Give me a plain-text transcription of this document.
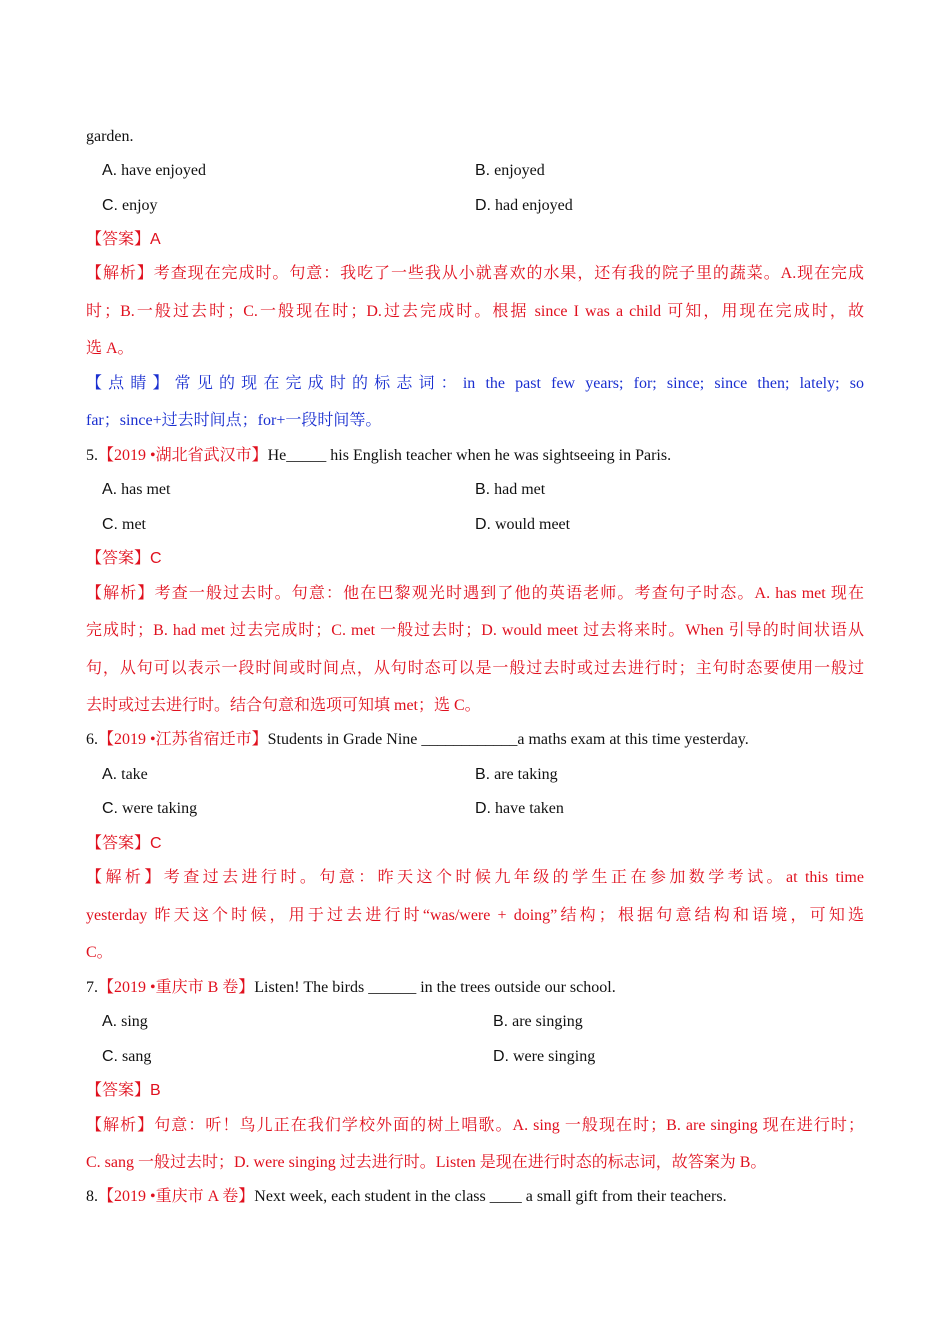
garden.
A. have enjoyed	B. enjoyed
C. enjoy	D. had enjoyed
【答案】A
【解析】考查现在完成时。句意：我吃了一些我从小就喜欢的水果，还有我的院子里的蔬菜。A.现在完成
时；B.一般过去时；C.一般现在时；D.过去完成时。根据 since I was a child 可知，用现在完成时，故
选 A。
【点睛】常见的现在完成时的标志词：in the past few years; for; since; since then; lately; so
far；since+过去时间点；for+一段时间等。
5.【2019 •湖北省武汉市】He_____ his English teacher when he was sightseeing in Paris.
A. has met	B. had met
C. met	D. would meet
【答案】C
【解析】考查一般过去时。句意：他在巴黎观光时遇到了他的英语老师。考查句子时态。A. has met 现在
完成时；B. had met 过去完成时；C. met 一般过去时；D. would meet 过去将来时。When 引导的时间状语从
句，从句可以表示一段时间或时间点，从句时态可以是一般过去时或过去进行时；主句时态要使用一般过
去时或过去进行时。结合句意和选项可知填 met；选 C。
6.【2019 •江苏省宿迁市】Students in Grade Nine ____________a maths exam at this time yesterday.
A. take	B. are taking
C. were taking	D. have taken
【答案】C
【解析】考查过去进行时。句意：昨天这个时候九年级的学生正在参加数学考试。at this time
yesterday 昨天这个时候，用于过去进行时“was/were + doing”结构；根据句意结构和语境，可知选
C。
7.【2019 •重庆市 B 卷】Listen! The birds ______ in the trees outside our school.
A. sing	B. are singing
C. sang	D. were singing
【答案】B
【解析】句意：听！鸟儿正在我们学校外面的树上唱歌。A. sing 一般现在时；B. are singing 现在进行时；
C. sang 一般过去时；D. were singing 过去进行时。Listen 是现在进行时态的标志词，故答案为 B。
8.【2019 •重庆市 A 卷】Next week, each student in the class ____ a small gift from their teachers.
